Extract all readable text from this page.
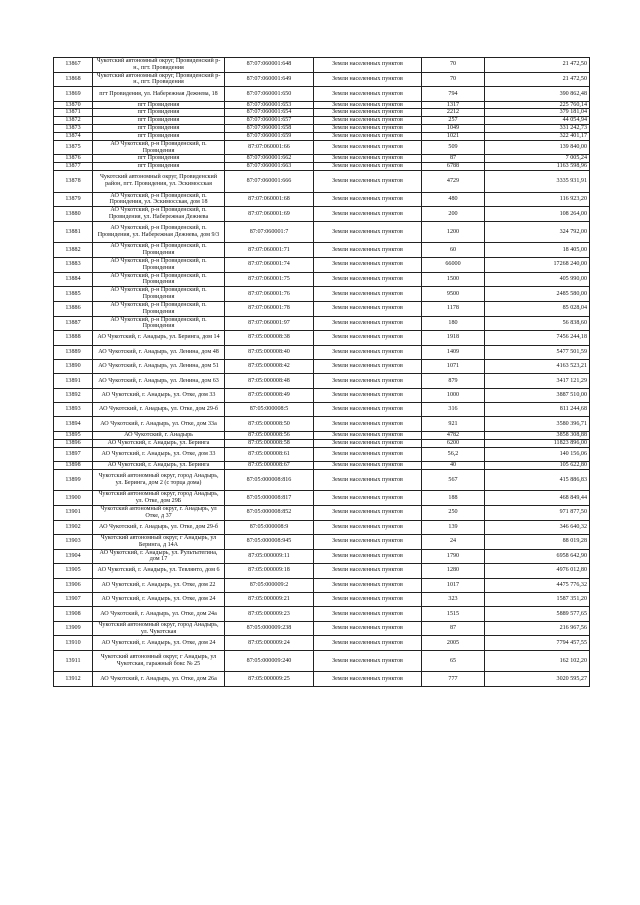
13867	Чукотский автономный округ, Провиденский р-н., пгт. Провидения	87:07:060001:648	Земли населенных пунктов	70	21 472,50
13868	Чукотский автономный округ, Провиденский р-н., пгт. Провидения	87:07:060001:649	Земли населенных пунктов	70	21 472,50
13869	пгт Провидения, ул. Набережная Дежнева, 18	87:07:060001:650	Земли населенных пунктов	794	390 862,48
13870	пгт Провидения	87:07:060001:653	Земли населенных пунктов	1317	225 760,14
13871	пгт Провидения	87:07:060001:654	Земли населенных пунктов	2212	379 181,04
13872	пгт Провидения	87:07:060001:657	Земли населенных пунктов	257	44 054,94
13873	пгт Провидения	87:07:060001:658	Земли населенных пунктов	1049	331 242,73
13874	пгт Провидения	87:07:060001:659	Земли населенных пунктов	1021	322 401,17
13875	АО Чукотский, р-н Провиденский, п. Провидения	87:07:060001:66	Земли населенных пунктов	509	139 840,00
13876	пгт Провидения	87:07:060001:662	Земли населенных пунктов	87	7 005,24
13877	пгт Провидения	87:07:060001:663	Земли населенных пунктов	6788	1163 598,96
13878	Чукотский автономный округ, Провиденский район, пгт. Провидения, ул. Эскимосская	87:07:060001:666	Земли населенных пунктов	4729	3335 931,91
13879	АО Чукотский, р-н Провиденский, п. Провидения, ул. Эскимосская, дом 18	87:07:060001:68	Земли населенных пунктов	480	116 923,20
13880	АО Чукотский, р-н Провиденский, п. Провидения, ул. Набережная Дежнева	87:07:060001:69	Земли населенных пунктов	200	108 264,00
13881	АО Чукотский, р-н Провиденский, п. Провидения, ул. Набережная Дежнева, дом 9/3	87:07:060001:7	Земли населенных пунктов	1200	324 792,00
13882	АО Чукотский, р-н Провиденский, п. Провидения	87:07:060001:71	Земли населенных пунктов	60	18 405,00
13883	АО Чукотский, р-н Провиденский, п. Провидения	87:07:060001:74	Земли населенных пунктов	66000	17268 240,00
13884	АО Чукотский, р-н Провиденский, п. Провидения	87:07:060001:75	Земли населенных пунктов	1500	405 990,00
13885	АО Чукотский, р-н Провиденский, п. Провидения	87:07:060001:76	Земли населенных пунктов	9500	2485 580,00
13886	АО Чукотский, р-н Провиденский, п. Провидения	87:07:060001:78	Земли населенных пунктов	1178	85 028,04
13887	АО Чукотский, р-н Провиденский, п. Провидения	87:07:060001:97	Земли населенных пунктов	180	56 838,60
13888	АО Чукотский, г. Анадырь, ул. Беринга, дом 14	87:05:000008:38	Земли населенных пунктов	1918	7456 244,18
13889	АО Чукотский, г. Анадырь, ул. Ленина, дом 48	87:05:000008:40	Земли населенных пунктов	1409	5477 501,59
13890	АО Чукотский, г. Анадырь, ул. Ленина, дом 51	87:05:000008:42	Земли населенных пунктов	1071	4163 523,21
13891	АО Чукотский, г. Анадырь, ул. Ленина, дом 63	87:05:000008:48	Земли населенных пунктов	879	3417 121,29
13892	АО Чукотский, г. Анадырь, ул. Отке, дом 33	87:05:000008:49	Земли населенных пунктов	1000	3887 510,00
13893	АО Чукотский, г. Анадырь, ул. Отке, дом 29-б	87:05:000008:5	Земли населенных пунктов	316	811 244,68
13894	АО Чукотский, г. Анадырь, ул. Отке, дом 33а	87:05:000008:50	Земли населенных пунктов	921	3580 396,71
13895	АО Чукотский, г. Анадырь	87:05:000008:56	Земли населенных пунктов	4782	3858 308,88
13896	АО Чукотский, г. Анадырь, ул. Беринга	87:05:000008:58	Земли населенных пунктов	6200	11823 896,00
13897	АО Чукотский, г. Анадырь, ул. Отке, дом 33	87:05:000008:61	Земли населенных пунктов	56,2	140 156,06
13898	АО Чукотский, г. Анадырь, ул. Беринга	87:05:000008:67	Земли населенных пунктов	40	105 622,80
13899	Чукотский автономный округ, город Анадырь, ул. Беринга, дом 2 (с торца дома)	87:05:000008:816	Земли населенных пунктов	567	415 886,83
13900	Чукотский автономный округ, город Анадырь, ул. Отке, дом 29Б	87:05:000008:817	Земли населенных пунктов	188	468 849,44
13901	Чукотский автономный округ, г. Анадырь, ул Отке, д 37	87:05:000008:852	Земли населенных пунктов	250	971 877,50
13902	АО Чукотский, г. Анадырь, ул. Отке, дом 29-б	87:05:000008:9	Земли населенных пунктов	139	346 640,32
13903	Чукотский автономный округ, г Анадырь, ул Беринга, д 14А	87:05:000008:945	Земли населенных пунктов	24	88 019,28
13904	АО Чукотский, г. Анадырь, ул. Рультытегина, дом 17	87:05:000009:11	Земли населенных пунктов	1790	6958 642,90
13905	АО Чукотский, г. Анадырь, ул. Тевлянто, дом 6	87:05:000009:18	Земли населенных пунктов	1280	4976 012,80
13906	АО Чукотский, г. Анадырь, ул. Отке, дом 22	87:05:000009:2	Земли населенных пунктов	1017	4475 776,32
13907	АО Чукотский, г. Анадырь, ул. Отке, дом 24	87:05:000009:21	Земли населенных пунктов	323	1587 351,20
13908	АО Чукотский, г. Анадырь, ул. Отке, дом 24а	87:05:000009:23	Земли населенных пунктов	1515	5889 577,65
13909	Чукотский автономный округ, город Анадырь, ул. Чукотская	87:05:000009:238	Земли населенных пунктов	87	216 967,56
13910	АО Чукотский, г. Анадырь, ул. Отке, дом 24	87:05:000009:24	Земли населенных пунктов	2005	7794 457,55
13911	Чукотский автономный округ, г Анадырь, ул Чукотская, гаражный бокс № 25	87:05:000009:240	Земли населенных пунктов	65	162 102,20
13912	АО Чукотский, г. Анадырь, ул. Отке, дом 26а	87:05:000009:25	Земли населенных пунктов	777	3020 595,27
